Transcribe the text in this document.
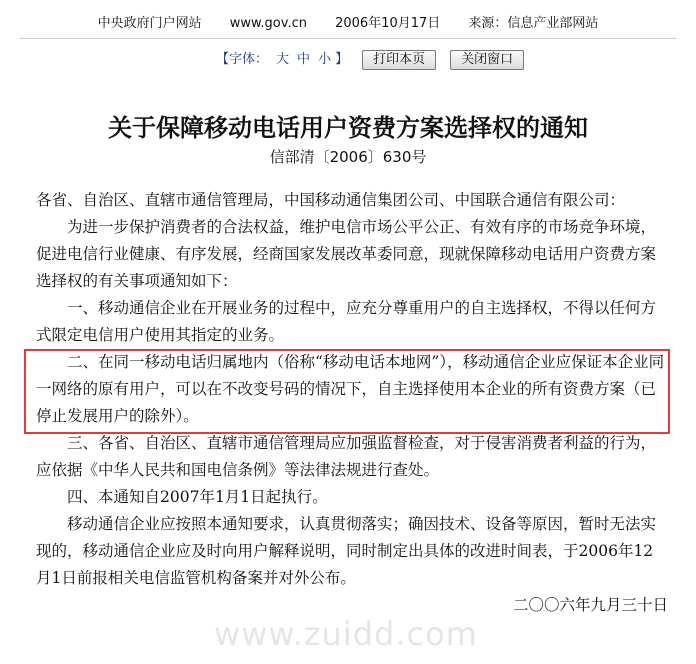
中央政府门户网站 www.gov.cn 2006年10月17日 来源：信息产业部网站
【 字体： 大 中 小 】	打印本页	关闭窗口
关于保障移动电话用户资费方案选择权的通知
信部清〔2006〕630号

各省、自治区、直辖市通信管理局，中国移动通信集团公司、中国联合通信有限公司：

为进一步保护消费者的合法权益，维护电信市场公平公正、有效有序的市场竞争环境，促进电信行业健康、有序发展，经商国家发展改革委同意，现就保障移动电话用户资费方案选择权的有关事项通知如下：

一、移动通信企业在开展业务的过程中，应充分尊重用户的自主选择权，不得以任何方式限定电信用户使用其指定的业务。

二、在同一移动电话归属地内（俗称“移动电话本地网”），移动通信企业应保证本企业同一网络的原有用户，可以在不改变号码的情况下，自主选择使用本企业的所有资费方案（已停止发展用户的除外）。

三、各省、自治区、直辖市通信管理局应加强监督检查，对于侵害消费者利益的行为，应依据《中华人民共和国电信条例》等法律法规进行查处。

四、本通知自2007年1月1日起执行。

移动通信企业应按照本通知要求，认真贯彻落实；确因技术、设备等原因，暂时无法实现的，移动通信企业应及时向用户解释说明，同时制定出具体的改进时间表，于2006年12月1日前报相关电信监管机构备案并对外公布。

二〇〇六年九月三十日

www.zuidd.com
